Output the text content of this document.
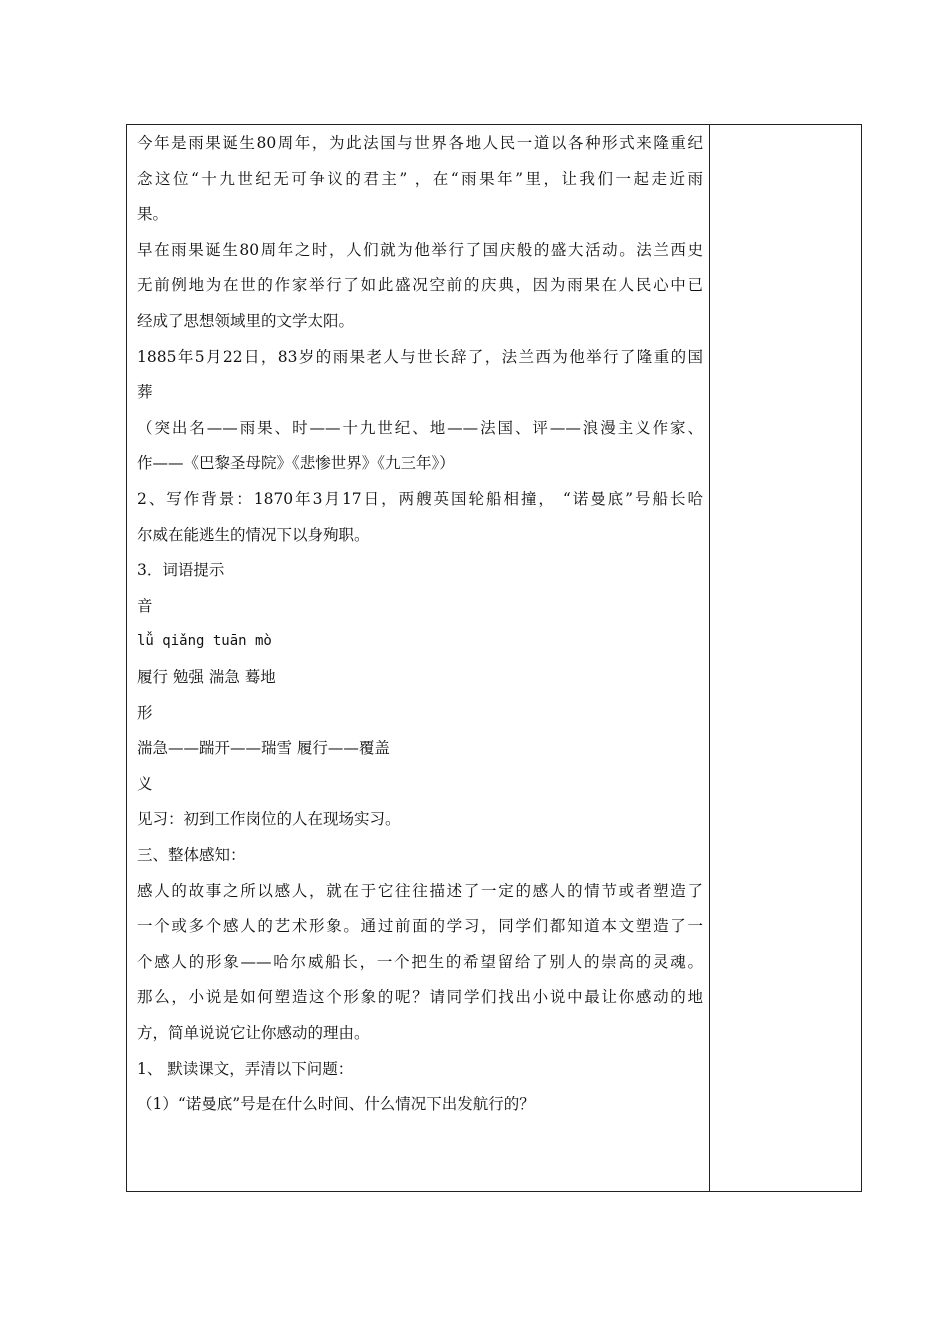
今年是雨果诞生80周年，为此法国与世界各地人民一道以各种形式来隆重纪
念这位“十九世纪无可争议的君主” ，在“雨果年”里，让我们一起走近雨
果。
早在雨果诞生80周年之时，人们就为他举行了国庆般的盛大活动。法兰西史
无前例地为在世的作家举行了如此盛况空前的庆典，因为雨果在人民心中已
经成了思想领域里的文学太阳。
1885年5月22日，83岁的雨果老人与世长辞了，法兰西为他举行了隆重的国
葬
（突出名——雨果、时——十九世纪、地——法国、评——浪漫主义作家、
作——《巴黎圣母院》《悲惨世界》《九三年》）
2、写作背景：1870年3月17日，两艘英国轮船相撞， “诺曼底”号船长哈
尔威在能逃生的情况下以身殉职。
3．词语提示
音
lǚ qiǎng tuān mò
履行 勉强 湍急 蓦地
形
湍急——踹开——瑞雪 履行——覆盖
义
见习：初到工作岗位的人在现场实习。
三、整体感知：
感人的故事之所以感人，就在于它往往描述了一定的感人的情节或者塑造了
一个或多个感人的艺术形象。通过前面的学习，同学们都知道本文塑造了一
个感人的形象——哈尔威船长，一个把生的希望留给了别人的崇高的灵魂。
那么，小说是如何塑造这个形象的呢？请同学们找出小说中最让你感动的地
方，简单说说它让你感动的理由。
1、 默读课文，弄清以下问题：
（1）“诺曼底”号是在什么时间、什么情况下出发航行的？
